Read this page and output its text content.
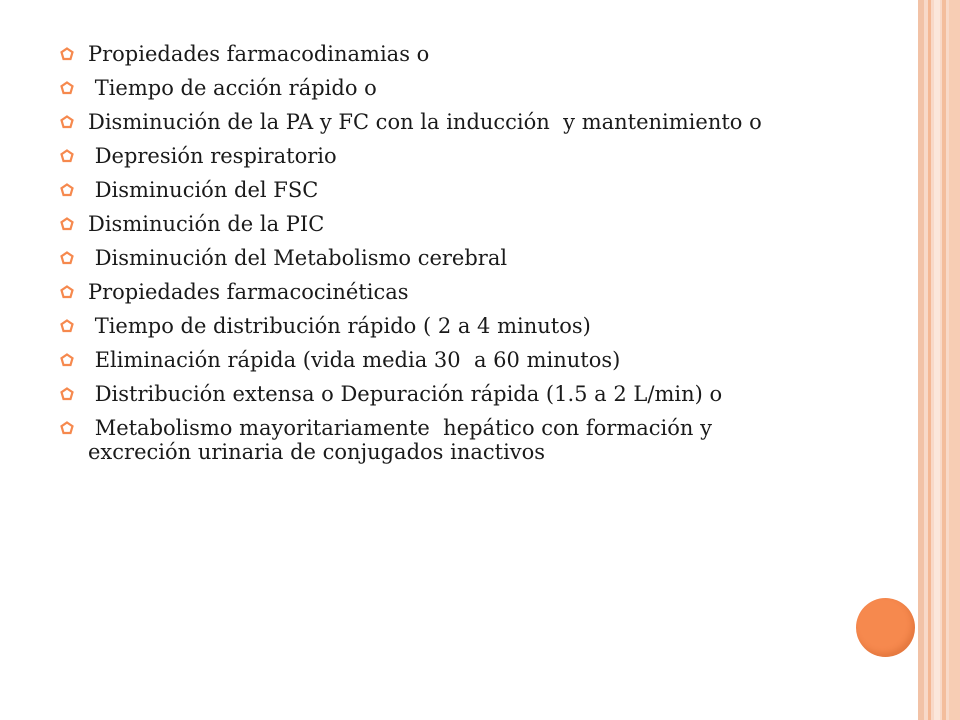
Propiedades farmacodinamias o
Tiempo de acción rápido o
Disminución de la PA y FC con la inducción  y mantenimiento o
Depresión respiratorio
Disminución del FSC
Disminución de la PIC
Disminución del Metabolismo cerebral
Propiedades farmacocinéticas
Tiempo de distribución rápido ( 2 a 4 minutos)
Eliminación rápida (vida media 30  a 60 minutos)
Distribución extensa o Depuración rápida (1.5 a 2 L/min) o
Metabolismo mayoritariamente  hepático con formación y excreción urinaria de conjugados inactivos
